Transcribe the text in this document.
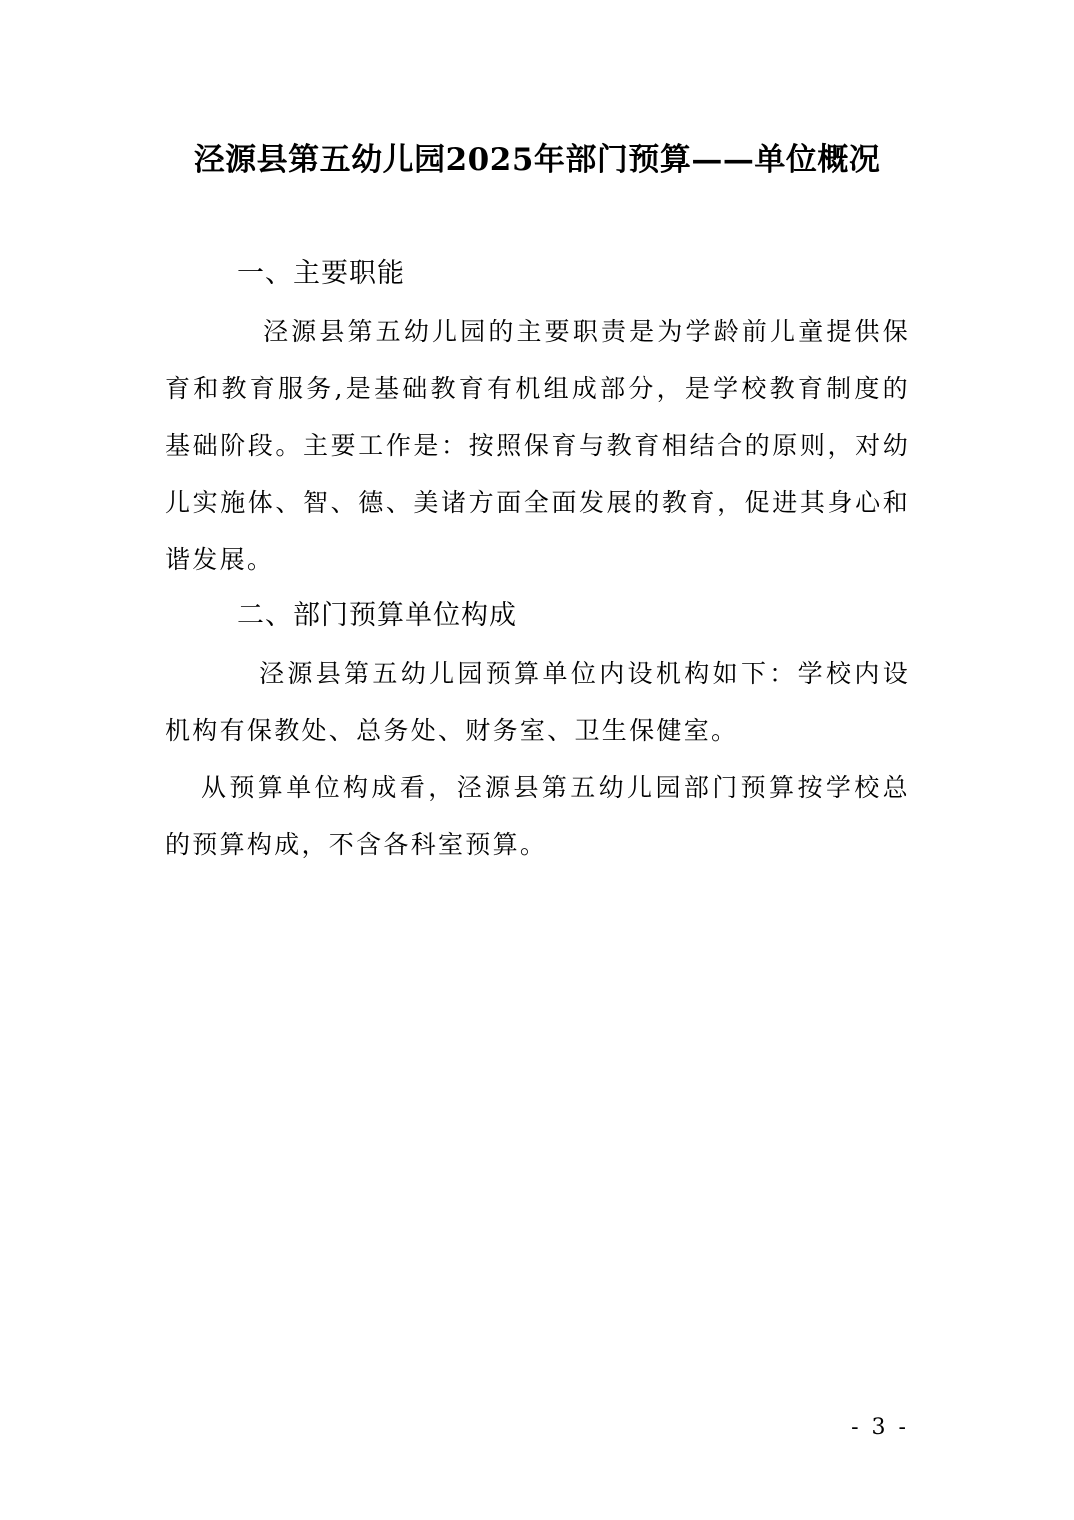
泾源县第五幼儿园2025年部门预算——单位概况
一、主要职能

泾源县第五幼儿园的主要职责是为学龄前儿童提供保育和教育服务,是基础教育有机组成部分，是学校教育制度的基础阶段。主要工作是：按照保育与教育相结合的原则，对幼儿实施体、智、德、美诸方面全面发展的教育，促进其身心和谐发展。

二、部门预算单位构成

泾源县第五幼儿园预算单位内设机构如下：学校内设机构有保教处、总务处、财务室、卫生保健室。

从预算单位构成看，泾源县第五幼儿园部门预算按学校总的预算构成，不含各科室预算。

- 3 -
